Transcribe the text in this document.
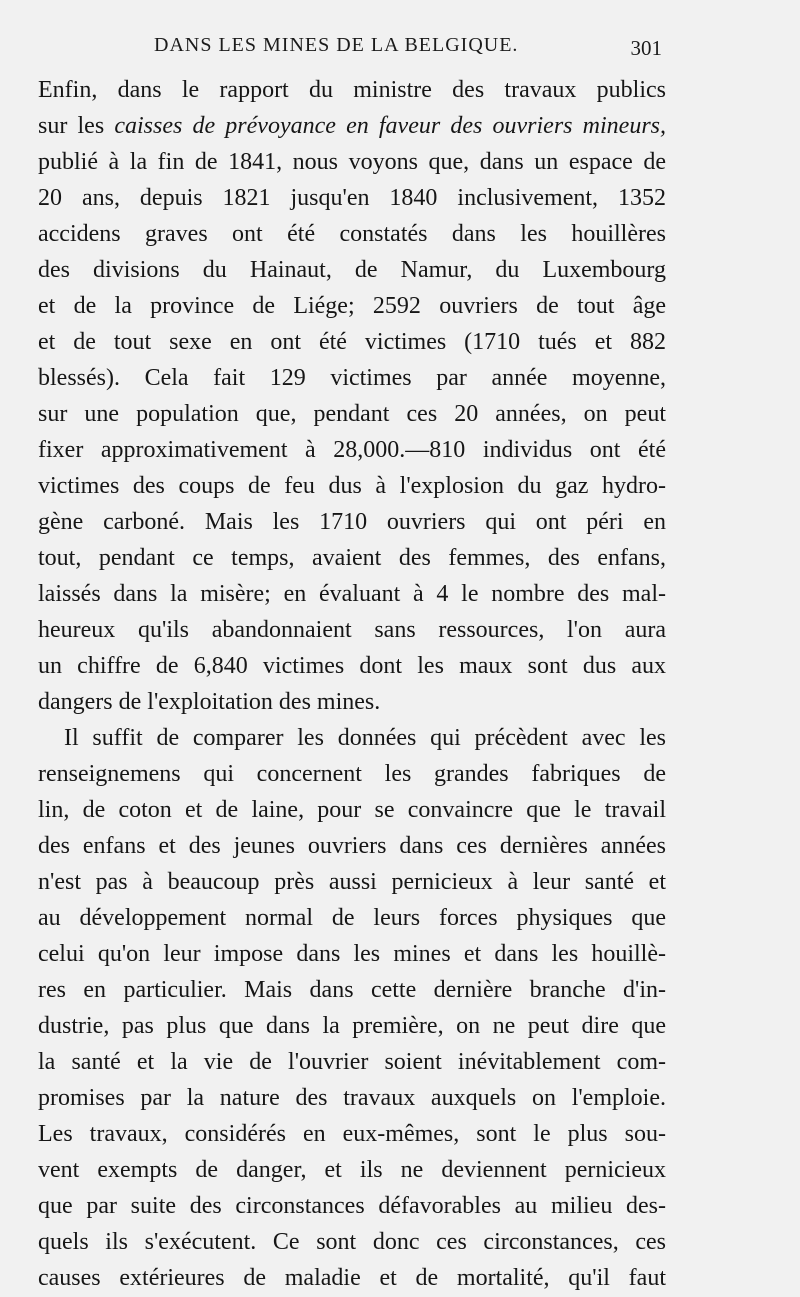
DANS LES MINES DE LA BELGIQUE.	301
Enfin, dans le rapport du ministre des travaux publics
sur les caisses de prévoyance en faveur des ouvriers mineurs,
publié à la fin de 1841, nous voyons que, dans un espace de
20 ans, depuis 1821 jusqu'en 1840 inclusivement, 1352
accidens graves ont été constatés dans les houillères
des divisions du Hainaut, de Namur, du Luxembourg
et de la province de Liége; 2592 ouvriers de tout âge
et de tout sexe en ont été victimes (1710 tués et 882
blessés). Cela fait 129 victimes par année moyenne,
sur une population que, pendant ces 20 années, on peut
fixer approximativement à 28,000.—810 individus ont été
victimes des coups de feu dus à l'explosion du gaz hydro-
gène carboné. Mais les 1710 ouvriers qui ont péri en
tout, pendant ce temps, avaient des femmes, des enfans,
laissés dans la misère; en évaluant à 4 le nombre des mal-
heureux qu'ils abandonnaient sans ressources, l'on aura
un chiffre de 6,840 victimes dont les maux sont dus aux
dangers de l'exploitation des mines.
Il suffit de comparer les données qui précèdent avec les
renseignemens qui concernent les grandes fabriques de
lin, de coton et de laine, pour se convaincre que le travail
des enfans et des jeunes ouvriers dans ces dernières années
n'est pas à beaucoup près aussi pernicieux à leur santé et
au développement normal de leurs forces physiques que
celui qu'on leur impose dans les mines et dans les houillè-
res en particulier. Mais dans cette dernière branche d'in-
dustrie, pas plus que dans la première, on ne peut dire que
la santé et la vie de l'ouvrier soient inévitablement com-
promises par la nature des travaux auxquels on l'emploie.
Les travaux, considérés en eux-mêmes, sont le plus sou-
vent exempts de danger, et ils ne deviennent pernicieux
que par suite des circonstances défavorables au milieu des-
quels ils s'exécutent. Ce sont donc ces circonstances, ces
causes extérieures de maladie et de mortalité, qu'il faut
